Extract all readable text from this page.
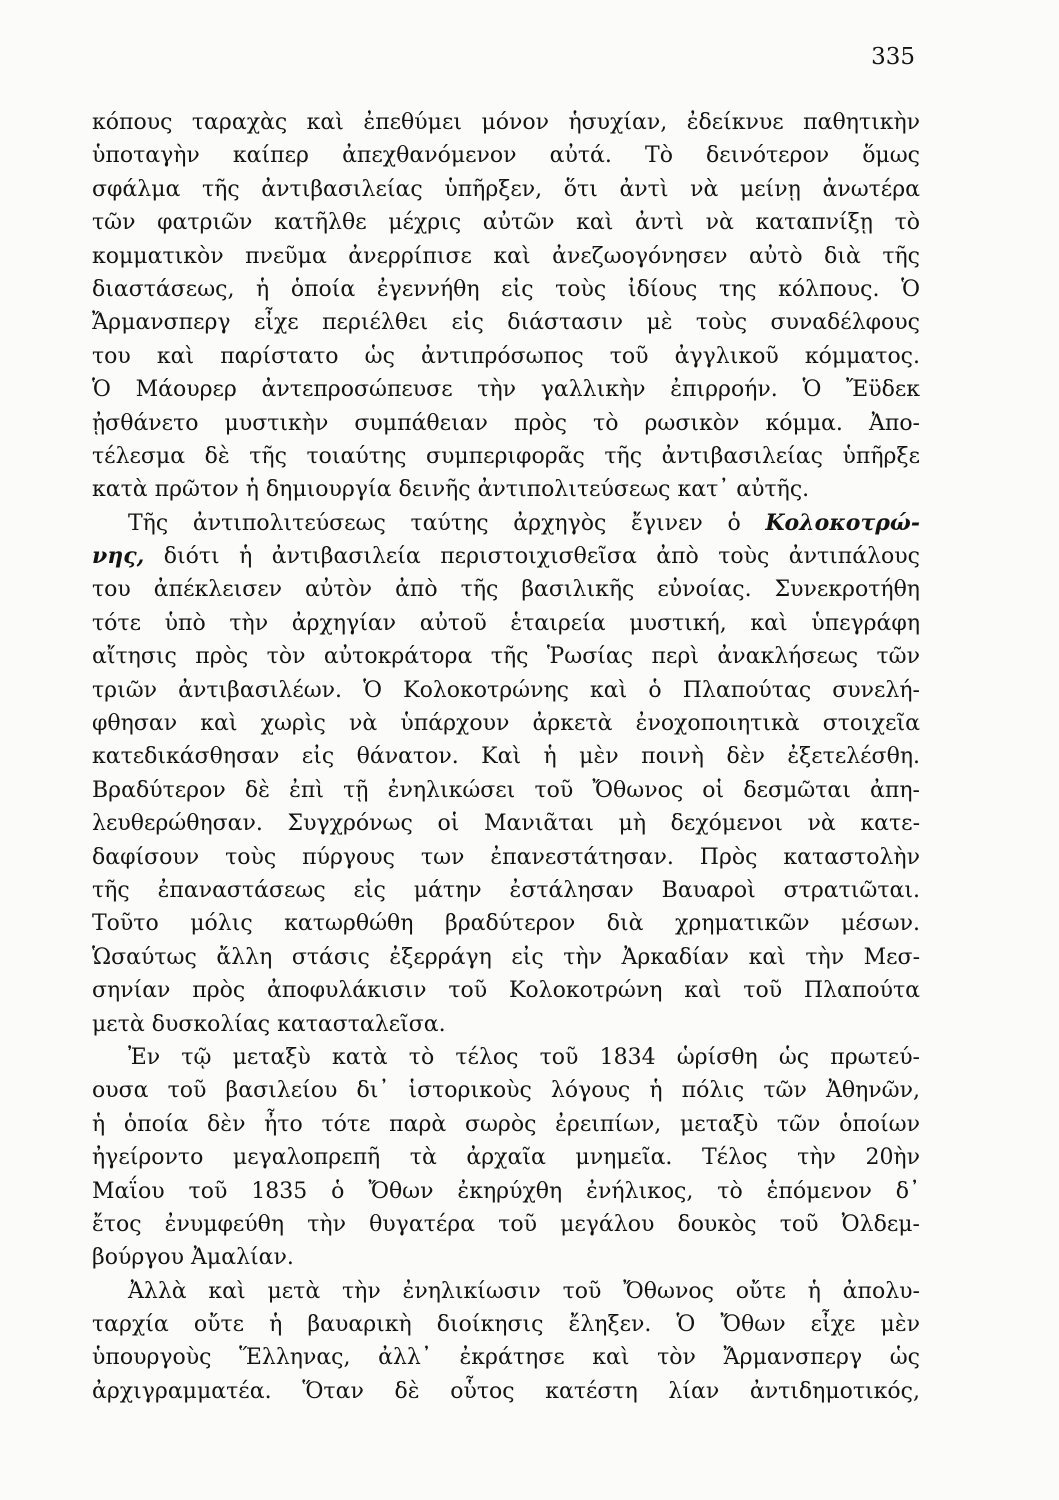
335
κόπους ταραχὰς καὶ ἐπεθύμει μόνον ἡσυχίαν, ἐδείκνυε παθητικὴν
ὑποταγὴν καίπερ ἀπεχθανόμενον αὐτά. Τὸ δεινότερον ὅμως
σφάλμα τῆς ἀντιβασιλείας ὑπῆρξεν, ὅτι ἀντὶ νὰ μείνῃ ἀνωτέρα
τῶν φατριῶν κατῆλθε μέχρις αὐτῶν καὶ ἀντὶ νὰ καταπνίξῃ τὸ
κομματικὸν πνεῦμα ἀνερρίπισε καὶ ἀνεζωογόνησεν αὐτὸ διὰ τῆς
διαστάσεως, ἡ ὁποία ἐγεννήθη εἰς τοὺς ἰδίους της κόλπους. Ὁ
Ἄρμανσπεργ εἶχε περιέλθει εἰς διάστασιν μὲ τοὺς συναδέλφους
του καὶ παρίστατο ὡς ἀντιπρόσωπος τοῦ ἀγγλικοῦ κόμματος.
Ὁ Μάουρερ ἀντεπροσώπευσε τὴν γαλλικὴν ἐπιρροήν. Ὁ Ἔϋδεκ
ᾐσθάνετο μυστικὴν συμπάθειαν πρὸς τὸ ρωσικὸν κόμμα. Ἀπο-
τέλεσμα δὲ τῆς τοιαύτης συμπεριφορᾶς τῆς ἀντιβασιλείας ὑπῆρξε
κατὰ πρῶτον ἡ δημιουργία δεινῆς ἀντιπολιτεύσεως κατ᾽ αὐτῆς.
Τῆς ἀντιπολιτεύσεως ταύτης ἀρχηγὸς ἔγινεν ὁ Κολοκοτρώ-
νης, διότι ἡ ἀντιβασιλεία περιστοιχισθεῖσα ἀπὸ τοὺς ἀντιπάλους
του ἀπέκλεισεν αὐτὸν ἀπὸ τῆς βασιλικῆς εὐνοίας. Συνεκροτήθη
τότε ὑπὸ τὴν ἀρχηγίαν αὐτοῦ ἑταιρεία μυστική, καὶ ὑπεγράφη
αἴτησις πρὸς τὸν αὐτοκράτορα τῆς Ῥωσίας περὶ ἀνακλήσεως τῶν
τριῶν ἀντιβασιλέων. Ὁ Κολοκοτρώνης καὶ ὁ Πλαπούτας συνελή-
φθησαν καὶ χωρὶς νὰ ὑπάρχουν ἀρκετὰ ἐνοχοποιητικὰ στοιχεῖα
κατεδικάσθησαν εἰς θάνατον. Καὶ ἡ μὲν ποινὴ δὲν ἐξετελέσθη.
Βραδύτερον δὲ ἐπὶ τῇ ἐνηλικώσει τοῦ Ὄθωνος οἱ δεσμῶται ἀπη-
λευθερώθησαν. Συγχρόνως οἱ Μανιᾶται μὴ δεχόμενοι νὰ κατε-
δαφίσουν τοὺς πύργους των ἐπανεστάτησαν. Πρὸς καταστολὴν
τῆς ἐπαναστάσεως εἰς μάτην ἐστάλησαν Βαυαροὶ στρατιῶται.
Τοῦτο μόλις κατωρθώθη βραδύτερον διὰ χρηματικῶν μέσων.
Ὡσαύτως ἄλλη στάσις ἐξερράγη εἰς τὴν Ἀρκαδίαν καὶ τὴν Μεσ-
σηνίαν πρὸς ἀποφυλάκισιν τοῦ Κολοκοτρώνη καὶ τοῦ Πλαπούτα
μετὰ δυσκολίας κατασταλεῖσα.
Ἐν τῷ μεταξὺ κατὰ τὸ τέλος τοῦ 1834 ὡρίσθη ὡς πρωτεύ-
ουσα τοῦ βασιλείου δι᾽ ἱστορικοὺς λόγους ἡ πόλις τῶν Ἀθηνῶν,
ἡ ὁποία δὲν ἦτο τότε παρὰ σωρὸς ἐρειπίων, μεταξὺ τῶν ὁποίων
ἠγείροντο μεγαλοπρεπῆ τὰ ἀρχαῖα μνημεῖα. Τέλος τὴν 20ὴν
Μαΐου τοῦ 1835 ὁ Ὄθων ἐκηρύχθη ἐνήλικος, τὸ ἑπόμενον δ᾽
ἔτος ἐνυμφεύθη τὴν θυγατέρα τοῦ μεγάλου δουκὸς τοῦ Ὀλδεμ-
βούργου Ἀμαλίαν.
Ἀλλὰ καὶ μετὰ τὴν ἐνηλικίωσιν τοῦ Ὄθωνος οὔτε ἡ ἀπολυ-
ταρχία οὔτε ἡ βαυαρικὴ διοίκησις ἔληξεν. Ὁ Ὄθων εἶχε μὲν
ὑπουργοὺς Ἕλληνας, ἀλλ᾽ ἐκράτησε καὶ τὸν Ἄρμανσπεργ ὡς
ἀρχιγραμματέα. Ὅταν δὲ οὗτος κατέστη λίαν ἀντιδημοτικός,
